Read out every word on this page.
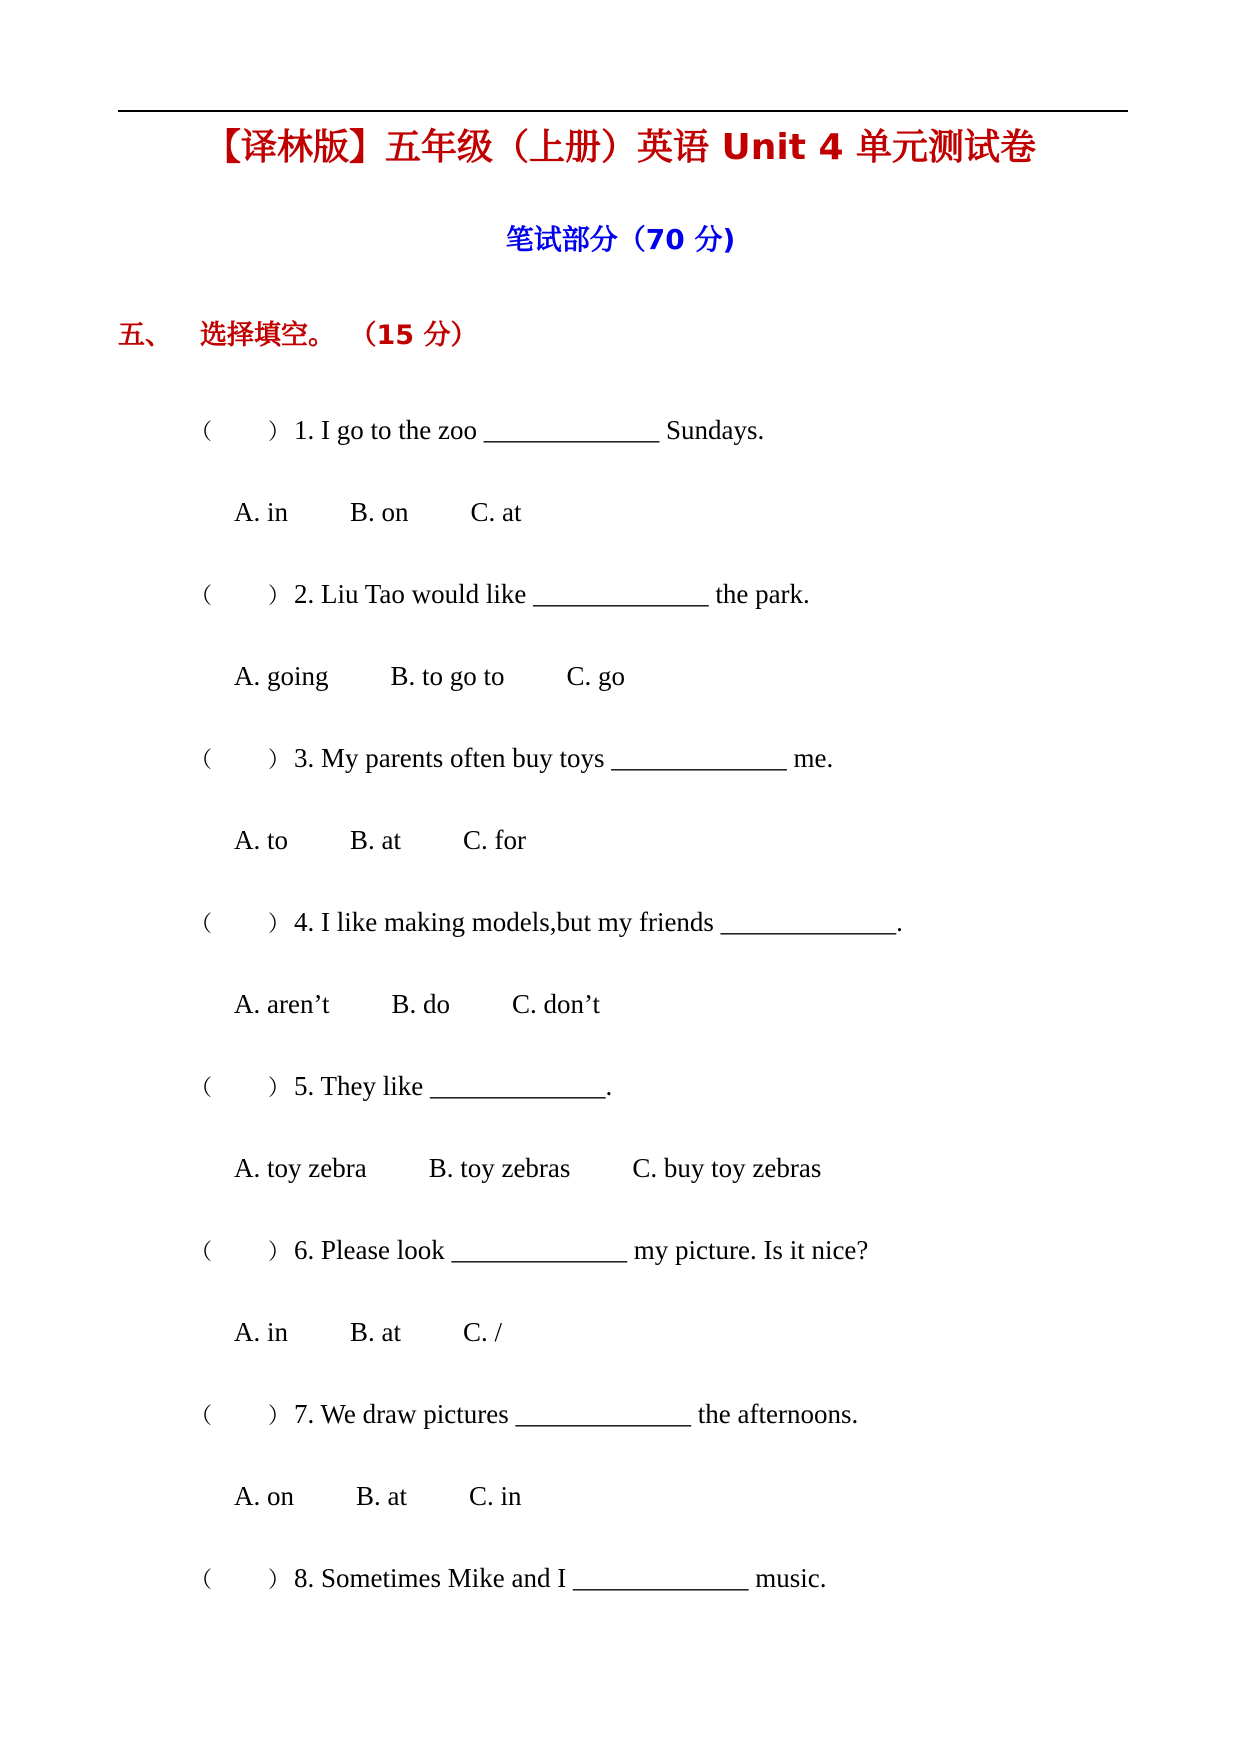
【译林版】五年级（上册）英语 Unit 4 单元测试卷
笔试部分（70 分)
五、 选择填空。 （15 分）
（	） 1. I go to the zoo _____________ Sundays.
A. in B. on C. at
（	） 2. Liu Tao would like _____________ the park.
A. going B. to go to C. go
（	） 3. My parents often buy toys _____________ me.
A. to B. at C. for
（	） 4. I like making models,but my friends _____________.
A. aren’t B. do C. don’t
（	） 5. They like _____________.
A. toy zebra B. toy zebras C. buy toy zebras
（	） 6. Please look _____________ my picture. Is it nice?
A. in B. at C. /
（	） 7. We draw pictures _____________ the afternoons.
A. on B. at C. in
（	） 8. Sometimes Mike and I _____________ music.
